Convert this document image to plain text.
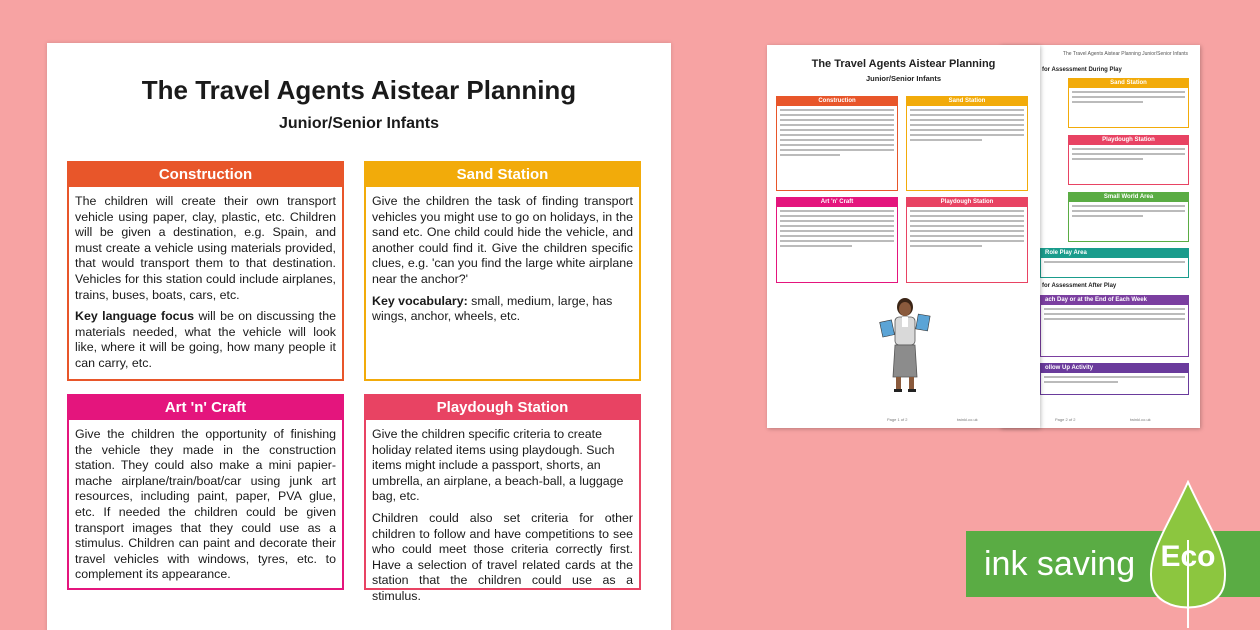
The Travel Agents Aistear Planning
Junior/Senior Infants
Construction

The children will create their own transport vehicle using paper, clay, plastic, etc. Children will be given a destination, e.g. Spain, and must create a vehicle using materials provided, that would transport them to that destination. Vehicles for this station could include airplanes, trains, buses, boats, cars, etc.

Key language focus will be on discussing the materials needed, what the vehicle will look like, where it will be going, how many people it can carry, etc.

Sand Station

Give the children the task of finding transport vehicles you might use to go on holidays, in the sand etc. One child could hide the vehicle, and another could find it. Give the children specific clues, e.g. 'can you find the large white airplane near the anchor?'

Key vocabulary: small, medium, large, has wings, anchor, wheels, etc.

Art 'n' Craft

Give the children the opportunity of finishing the vehicle they made in the construction station. They could also make a mini papier-mache airplane/train/boat/car using junk art resources, including paint, paper, PVA glue, etc. If needed the children could be given transport images that they could use as a stimulus. Children can paint and decorate their travel vehicles with windows, tyres, etc. to complement its appearance.

Playdough Station

Give the children specific criteria to create holiday related items using playdough. Such items might include a passport, shorts, an umbrella, an airplane, a beach-ball, a luggage bag, etc.

Children could also set criteria for other children to follow and have competitions to see who could meet those criteria correctly first. Have a selection of travel related cards at the station that the children could use as a stimulus.

The Travel Agents Aistear Planning Junior/Senior Infants
for Assessment During Play
Sand Station
Playdough Station
Small World Area
Role Play Area
for Assessment After Play
ach Day or at the End of Each Week
ollow Up Activity
Page 2 of 2	twinkl.co.uk
The Travel Agents Aistear Planning
Junior/Senior Infants
Construction	Sand Station
Art 'n' Craft	Playdough Station
Page 1 of 2	twinkl.co.uk
ink saving Eco
